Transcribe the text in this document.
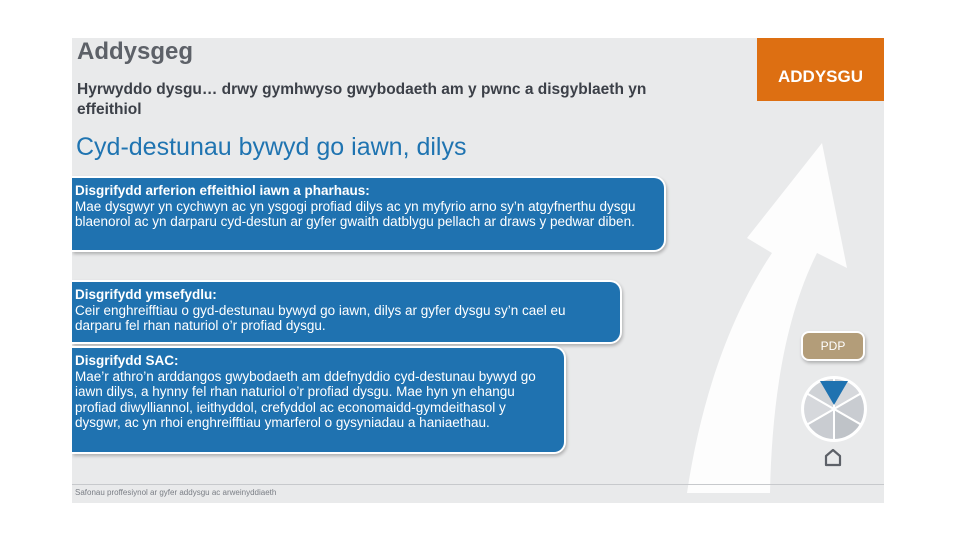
Addysgeg
Hyrwyddo dysgu… drwy gymhwyso gwybodaeth am y pwnc a disgyblaeth yn effeithiol
Cyd-destunau bywyd go iawn, dilys
ADDYSGU
Disgrifydd arferion effeithiol iawn a pharhaus:
Mae dysgwyr yn cychwyn ac yn ysgogi profiad dilys ac yn myfyrio arno sy’n atgyfnerthu dysgu blaenorol ac yn darparu cyd-destun ar gyfer gwaith datblygu pellach ar draws y pedwar diben.
Disgrifydd ymsefydlu:
Ceir enghreifftiau o gyd-destunau bywyd go iawn, dilys ar gyfer dysgu sy’n cael eu darparu fel rhan naturiol o’r profiad dysgu.
Disgrifydd SAC:
Mae’r athro’n arddangos gwybodaeth am ddefnyddio cyd-destunau bywyd go iawn dilys, a hynny fel rhan naturiol o’r profiad dysgu. Mae hyn yn ehangu profiad diwylliannol, ieithyddol, crefyddol ac economaidd-gymdeithasol y dysgwr, ac yn rhoi enghreifftiau ymarferol o gysyniadau a haniaethau.
PDP
Safonau proffesiynol ar gyfer addysgu ac arweinyddiaeth
